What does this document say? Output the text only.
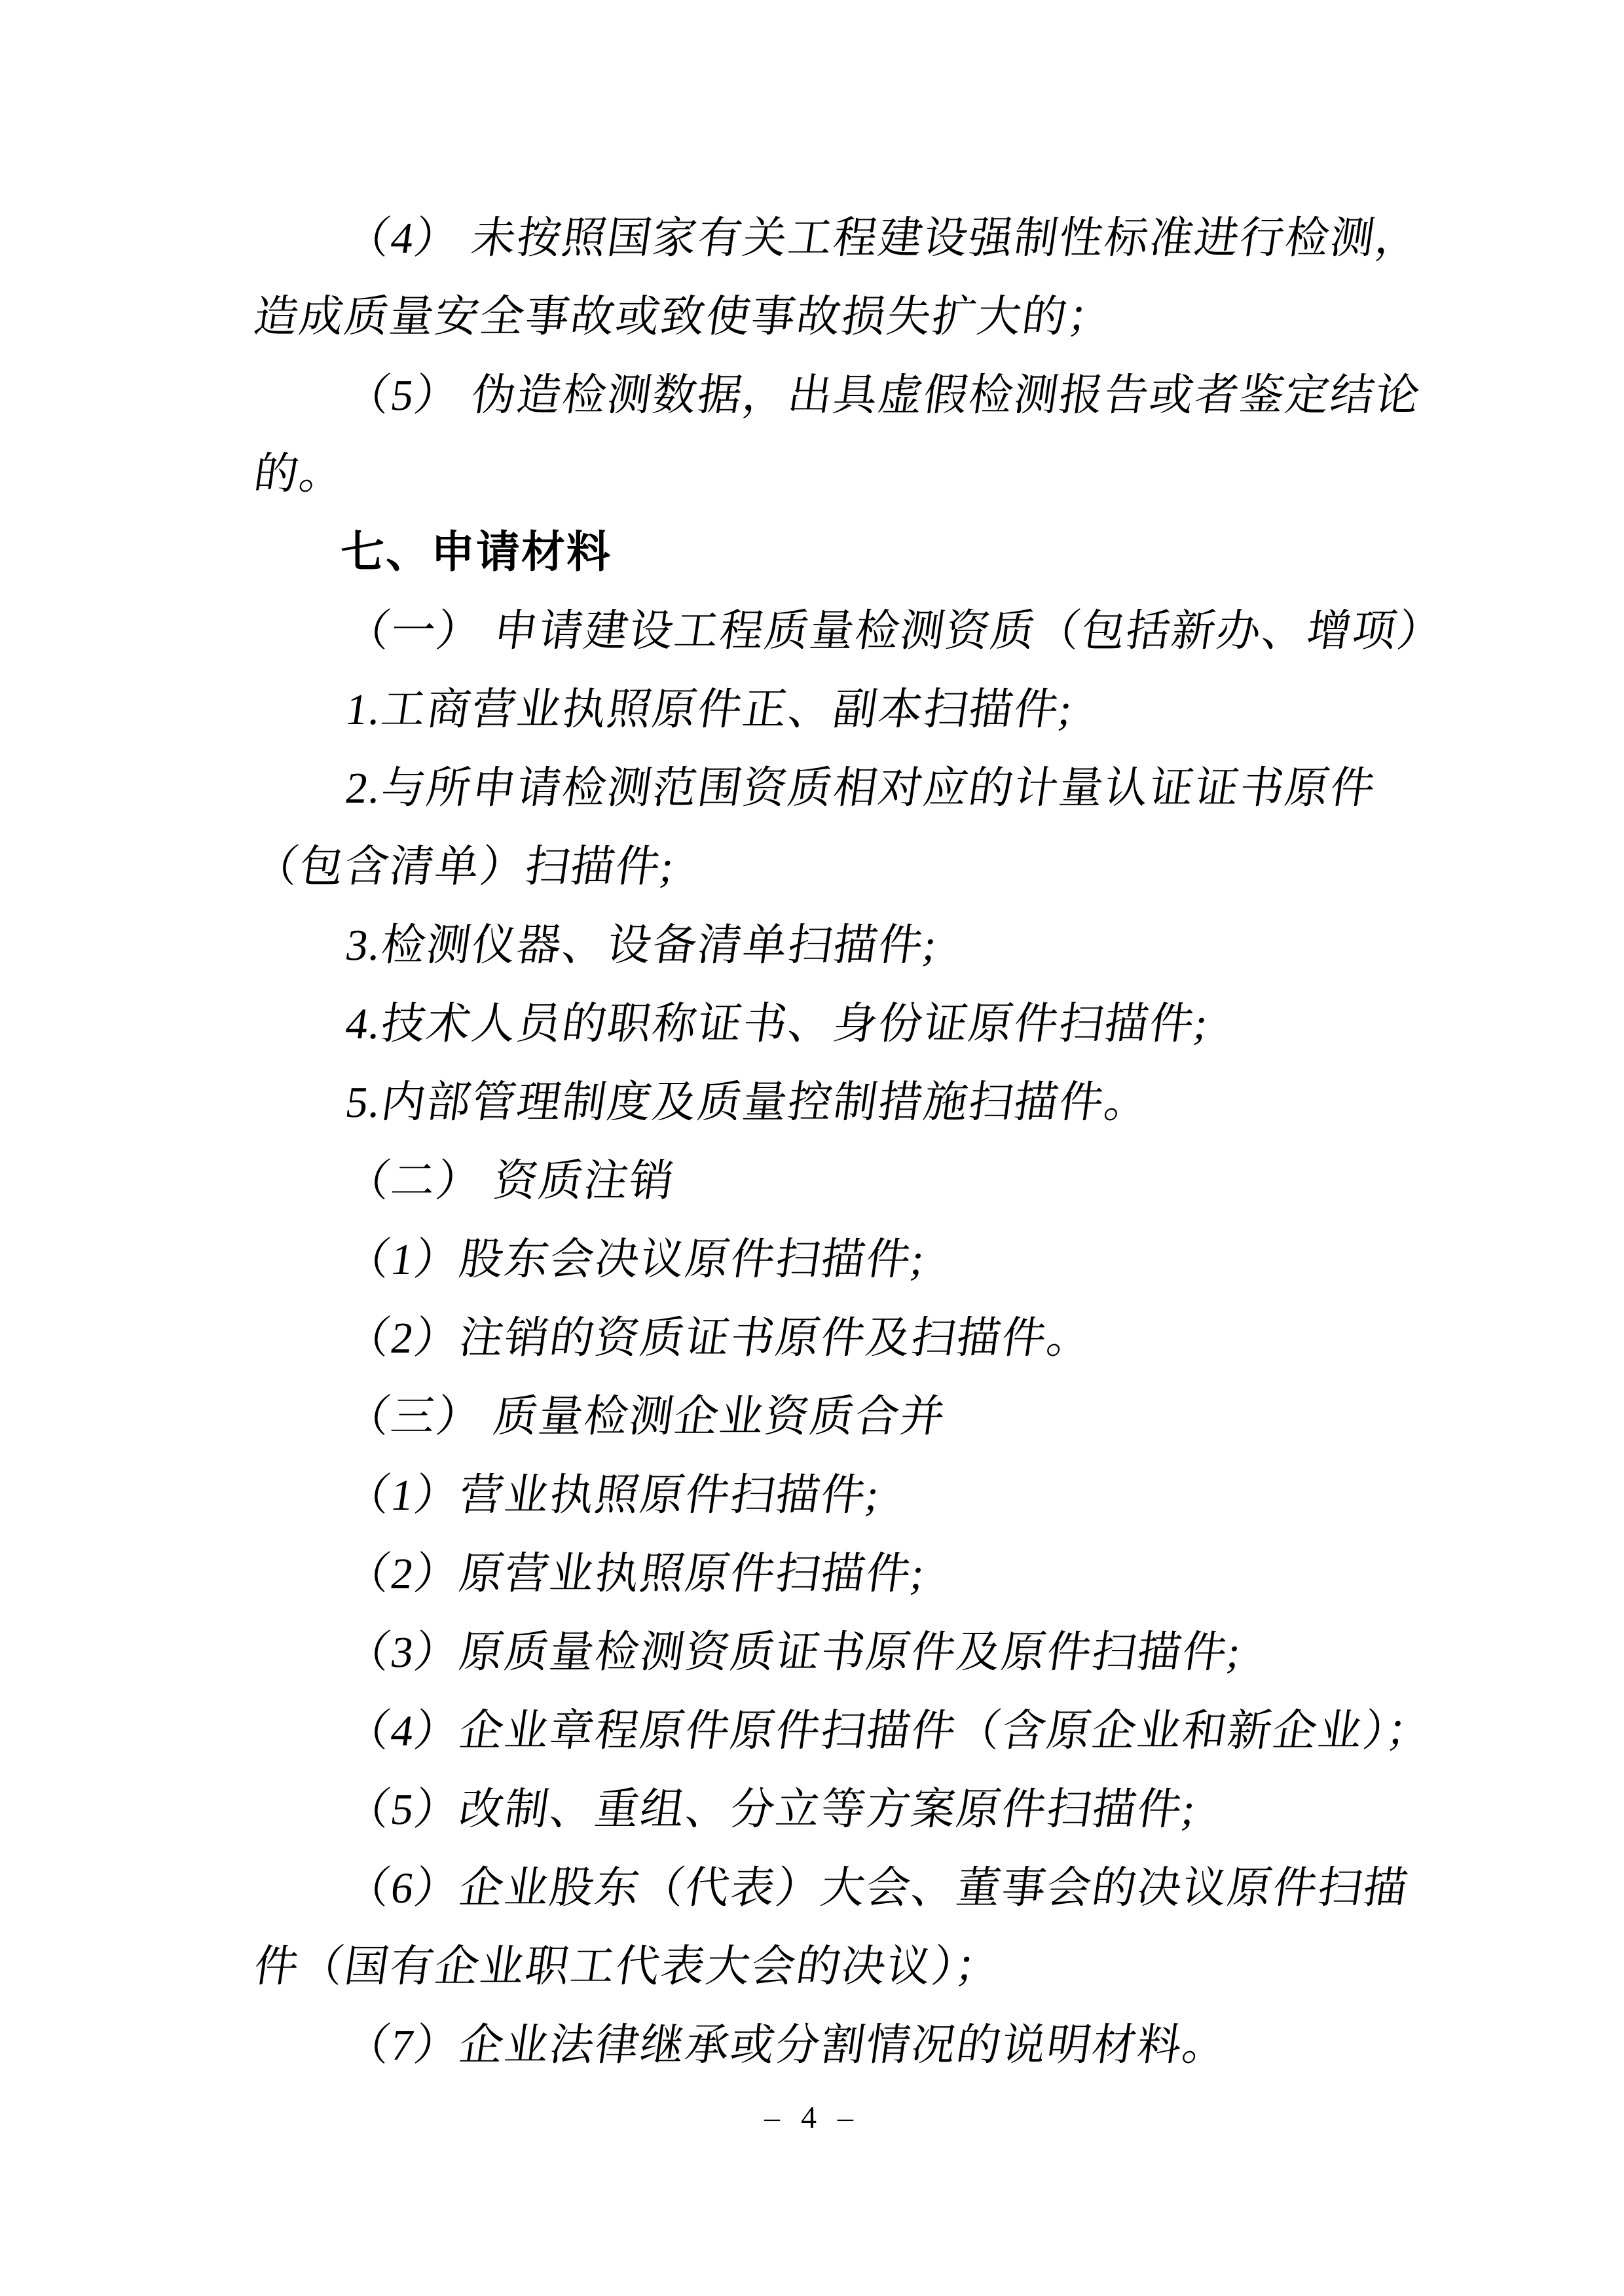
（4） 未按照国家有关工程建设强制性标准进行检测，
造成质量安全事故或致使事故损失扩大的；
（5） 伪造检测数据，出具虚假检测报告或者鉴定结论
的。
七、申请材料
（一） 申请建设工程质量检测资质（包括新办、增项）
1.工商营业执照原件正、副本扫描件;
2.与所申请检测范围资质相对应的计量认证证书原件
（包含清单）扫描件;
3.检测仪器、设备清单扫描件;
4.技术人员的职称证书、身份证原件扫描件;
5.内部管理制度及质量控制措施扫描件。
（二） 资质注销
（1）股东会决议原件扫描件;
（2）注销的资质证书原件及扫描件。
（三） 质量检测企业资质合并
（1）营业执照原件扫描件;
（2）原营业执照原件扫描件;
（3）原质量检测资质证书原件及原件扫描件;
（4）企业章程原件原件扫描件（含原企业和新企业）；
（5）改制、重组、分立等方案原件扫描件;
（6）企业股东（代表）大会、董事会的决议原件扫描
件（国有企业职工代表大会的决议）；
（7）企业法律继承或分割情况的说明材料。
– 4 –
